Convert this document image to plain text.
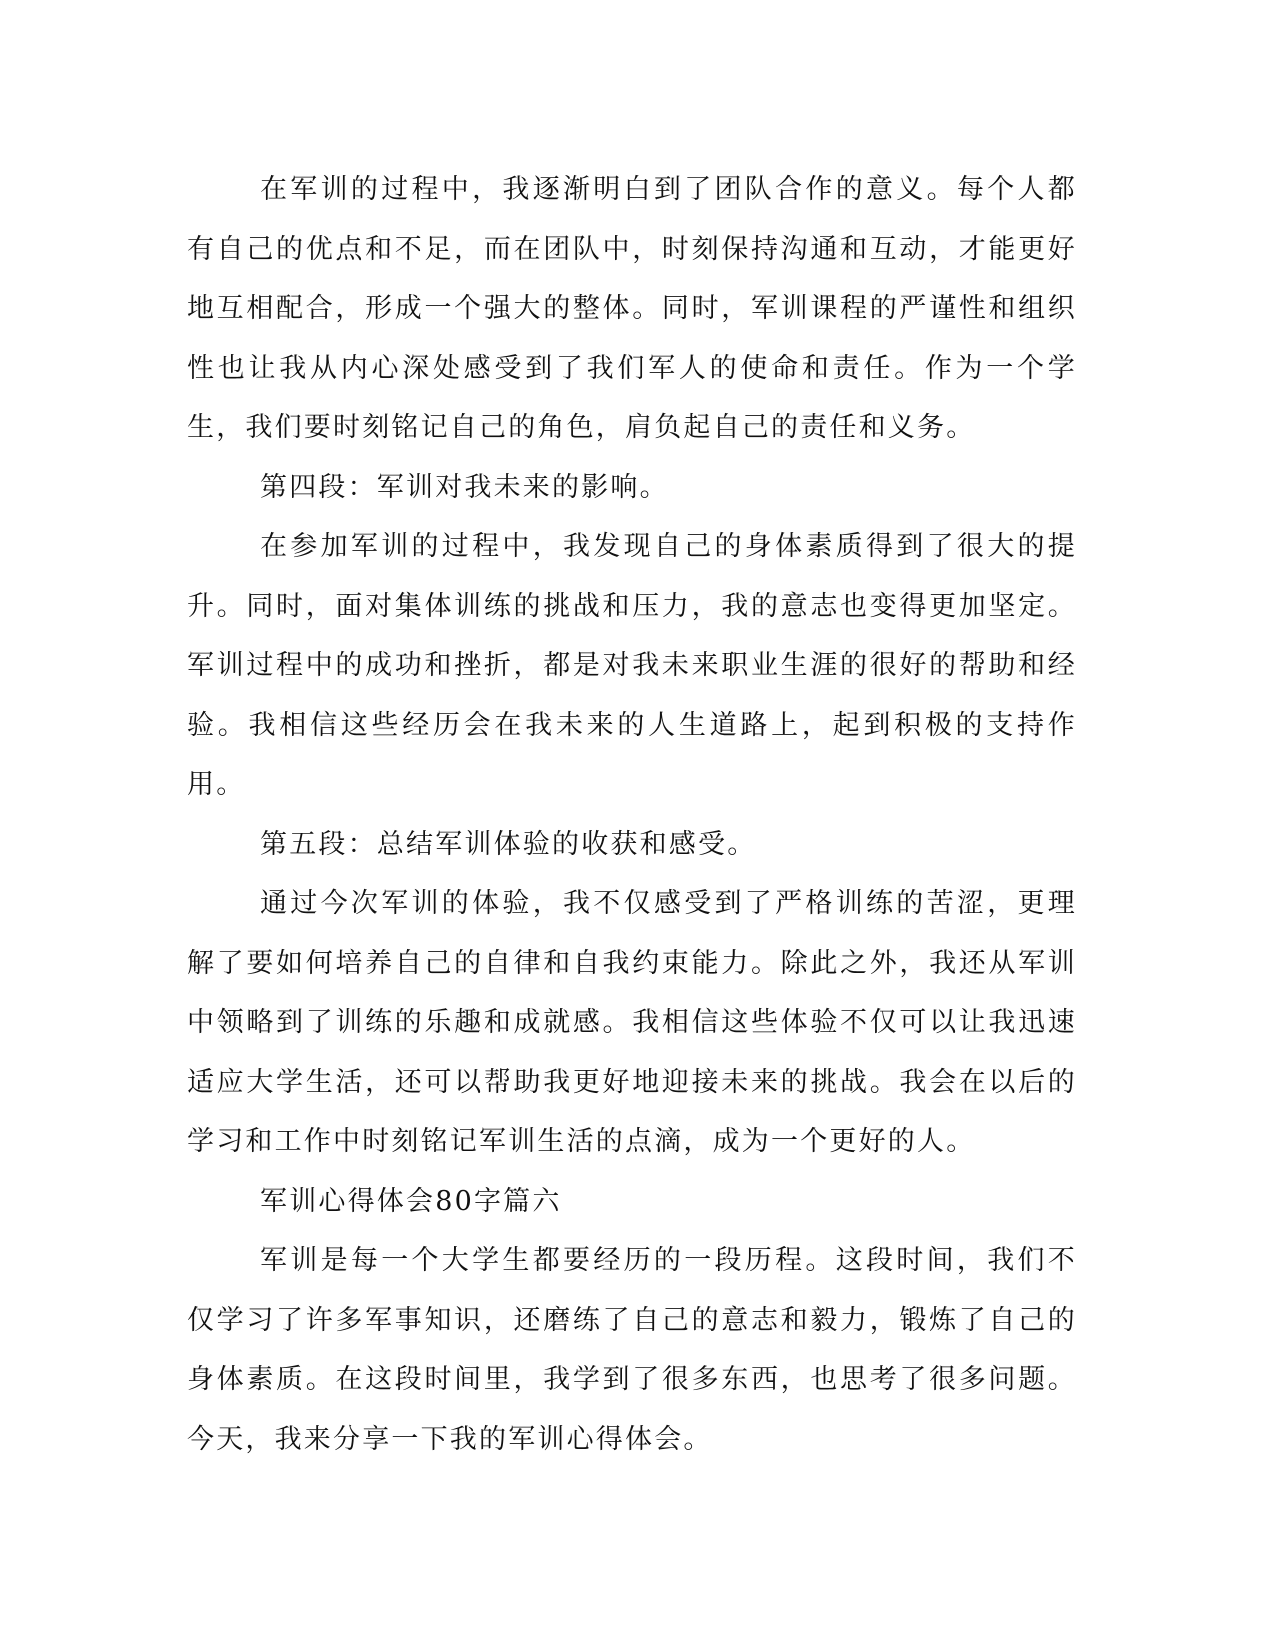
在军训的过程中，我逐渐明白到了团队合作的意义。每个人都有自己的优点和不足，而在团队中，时刻保持沟通和互动，才能更好地互相配合，形成一个强大的整体。同时，军训课程的严谨性和组织性也让我从内心深处感受到了我们军人的使命和责任。作为一个学生，我们要时刻铭记自己的角色，肩负起自己的责任和义务。

第四段：军训对我未来的影响。

在参加军训的过程中，我发现自己的身体素质得到了很大的提升。同时，面对集体训练的挑战和压力，我的意志也变得更加坚定。军训过程中的成功和挫折，都是对我未来职业生涯的很好的帮助和经验。我相信这些经历会在我未来的人生道路上，起到积极的支持作用。

第五段：总结军训体验的收获和感受。

通过今次军训的体验，我不仅感受到了严格训练的苦涩，更理解了要如何培养自己的自律和自我约束能力。除此之外，我还从军训中领略到了训练的乐趣和成就感。我相信这些体验不仅可以让我迅速适应大学生活，还可以帮助我更好地迎接未来的挑战。我会在以后的学习和工作中时刻铭记军训生活的点滴，成为一个更好的人。

军训心得体会80字篇六

军训是每一个大学生都要经历的一段历程。这段时间，我们不仅学习了许多军事知识，还磨练了自己的意志和毅力，锻炼了自己的身体素质。在这段时间里，我学到了很多东西，也思考了很多问题。今天，我来分享一下我的军训心得体会。
